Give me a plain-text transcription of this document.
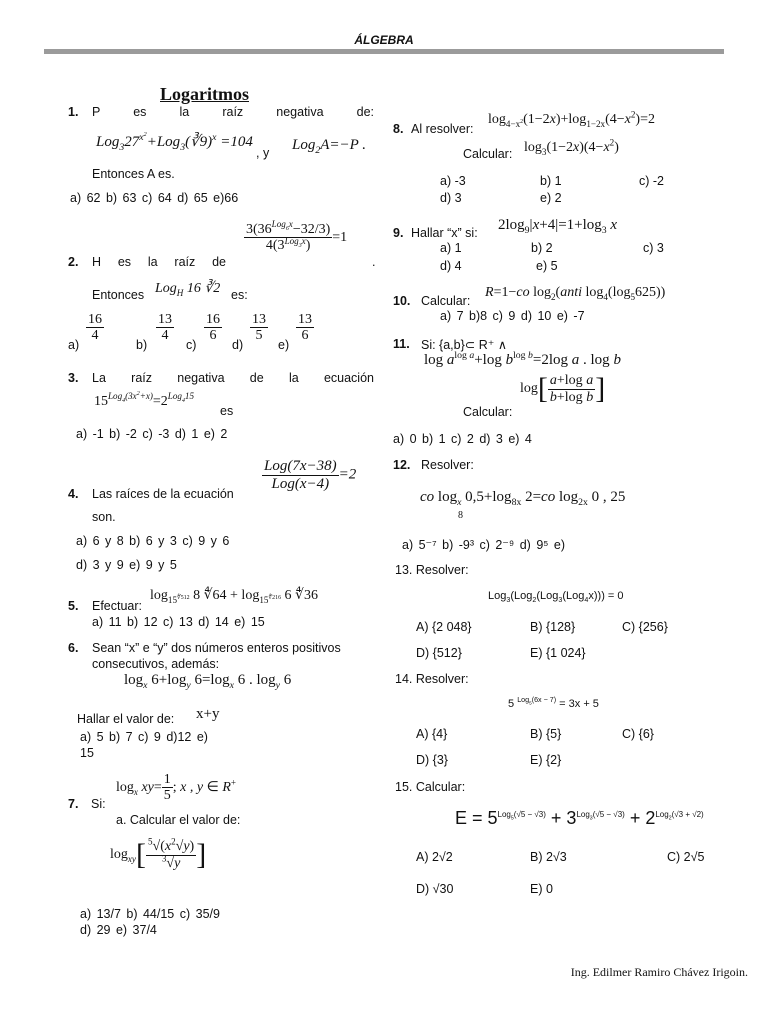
ÁLGEBRA
Logaritmos
1. P es la raíz negativa de:
$Log_327^{x^2}+Log_3(∛9)^x =104$
, y Log$_2$A=−P .
Entonces A es.
a) 62 b) 63 c) 64 d) 65 e)66
$\frac{3(36^{Log_6x}-32/3)}{4(3^{Log_3x})} =1$
2. H es la raíz de	.
Entonces Log$_H$ 16 ∛2 es:
a)
$\frac{16}{4}$
b)
$\frac{13}{4}$
c)
$\frac{16}{6}$
d)
$\frac{13}{5}$
e)
$\frac{13}{6}$
3. La raíz negativa de la ecuación
$15^{Log_4(3x^2+x)}=2^{Log_415}$
es
a) -1 b) -2 c) -3 d) 1 e) 2
$\frac{\text{Log(7x−38)}}{\text{Log(x−4)}} =2$
4. Las raíces de la ecuación
son.
a) 6 y 8 b) 6 y 3 c) 9 y 6
d) 3 y 9 e) 9 y 5
5. Efectuar:
$\log_{15^{∜512}} 8$ ∜64 + $\log_{15^{∜216}} 6$ ∜36
a) 11 b) 12 c) 13 d) 14 e) 15
6. Sean “x” e “y” dos números enteros positivos
consecutivos, además:
$\log_x 6+\log_y$ $6=\log_x$ 6 . $\log_y 6$
Hallar el valor de: x+y
a) 5 b) 7 c) 9 d)12 e)
15
$\log_x xy= \frac{1}{5}$ ; x , y ∈ R+
7. Si:
a. Calcular el valor de:
$\log_{xy}[ \frac{^5√(x^2√y)}{^3√y}$ ]
a) 13/7 b) 44/15 c) 35/9
d) 29 e) 37/4
8. Al resolver:
$\log_{4-x^2}(1-2x)+\log_{1-2x}(4-x^2)=2$
Calcular: $\log_3(1-2x)(4-x^2)$
a) -3	b) 1	c) -2
d) 3	e) 2
9. Hallar “x” si: $2\log_9|x+4|=1+\log_3$ x
a) 1	b) 2	c) 3
d) 4	e) 5
10. Calcular:
R=1−co $\log_2(anti$ $\log_4(\log_5625)$)
a) 7 b)8 c) 9 d) 10 e) -7
11. Si: {a,b}⊂ R⁺ ∧
$\log a^{log a}+\log$ $b^{log b}=2\log$ a . log b
Calcular:
$\log[ \frac{\text{a+log a}}{\text{b+log b}}$ ]
a) 0 b) 1 c) 2 d) 3 e) 4
12. Resolver:
co $\log_x 0,5+\log_{8x}$ 2=co $\log_{2x} 0$ , 25
8
a) 5⁻⁷ b) -9³ c) 2⁻⁹ d) 9⁵ e)
13. Resolver:
Log$_3$(Log$_2$(Log$_3$(Log$_4$x))) = 0
A) {2 048}	B) {128}	C) {256}
D) {512}	E) {1 024}
14. Resolver:
5 $^{Log_5(6x - 7)}$ = 3x + 5
A) {4}	B) {5}	C) {6}
D) {3}	E) {2}
15. Calcular:
$E = 5^{Log_5(√5 - √3)} + 3^{Log_3(√5 - √3)} + 2^{Log_2(√3 + √2)}$
A) 2√2	B) 2√3	C) 2√5
D) √30	E) 0
Ing. Edilmer Ramiro Chávez Irigoin.
